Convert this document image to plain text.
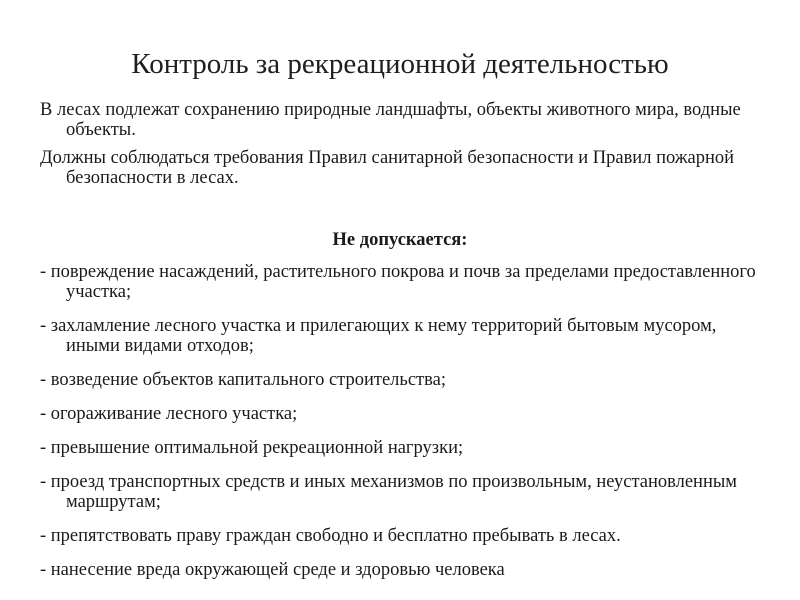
Контроль за рекреационной деятельностью

В лесах подлежат сохранению природные ландшафты, объекты животного мира, водные объекты.

Должны соблюдаться требования Правил санитарной безопасности и Правил пожарной безопасности в лесах.

Не допускается:

- повреждение насаждений, растительного покрова и почв за пределами предоставленного участка;

- захламление лесного участка и прилегающих к нему территорий бытовым мусором, иными видами отходов;

- возведение объектов капитального строительства;

- огораживание лесного участка;

- превышение оптимальной рекреационной нагрузки;

- проезд транспортных средств и иных механизмов по произвольным, неустановленным маршрутам;

- препятствовать праву граждан свободно и бесплатно пребывать в лесах.

- нанесение вреда окружающей среде и здоровью человека
